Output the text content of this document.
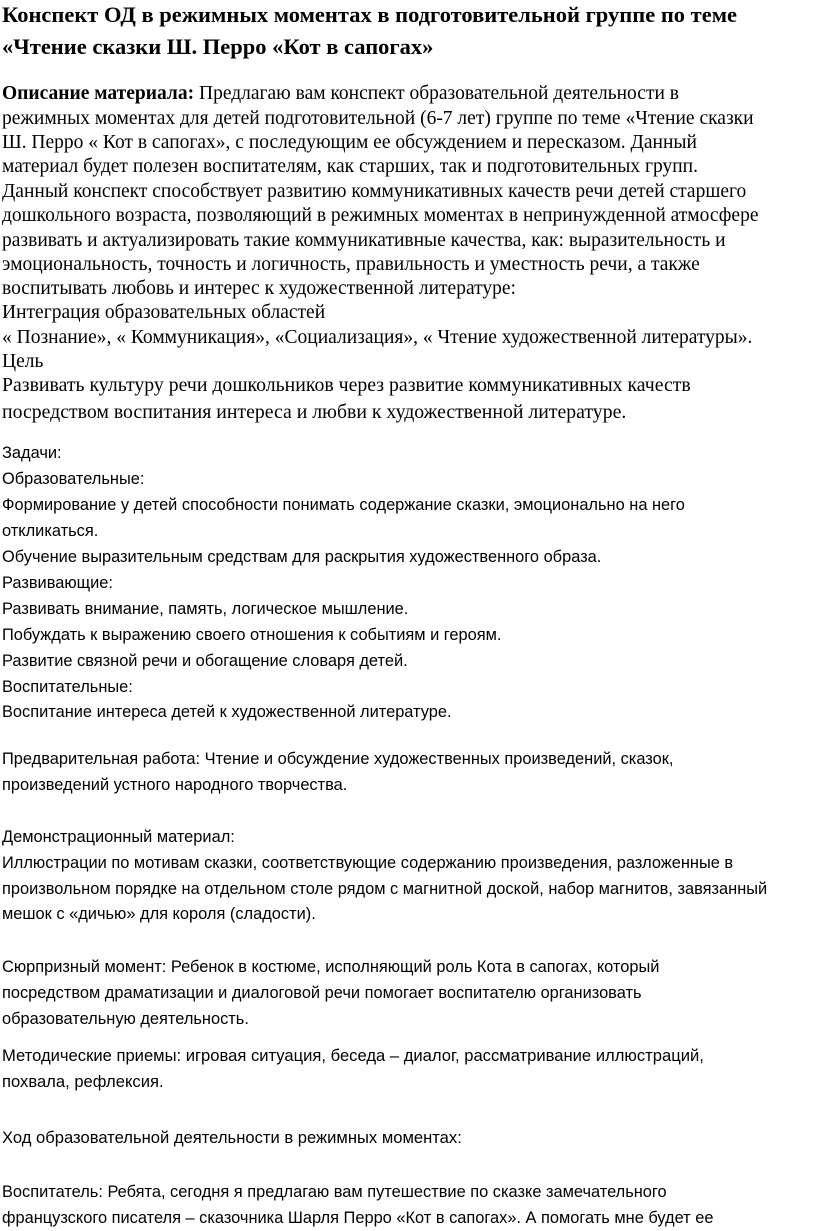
Конспект ОД в режимных моментах в подготовительной группе по теме

«Чтение сказки Ш. Перро «Кот в сапогах»

Описание материала: Предлагаю вам конспект образовательной деятельности в

режимных моментах для детей подготовительной (6-7 лет) группе по теме «Чтение сказки

Ш. Перро « Кот в сапогах», с последующим ее обсуждением и пересказом. Данный

материал будет полезен воспитателям, как старших, так и подготовительных групп.

Данный конспект способствует развитию коммуникативных качеств речи детей старшего

дошкольного возраста, позволяющий в режимных моментах в непринужденной атмосфере

развивать и актуализировать такие коммуникативные качества, как: выразительность и

эмоциональность, точность и логичность, правильность и уместность речи, а также

воспитывать любовь и интерес к художественной литературе:

Интеграция образовательных областей

« Познание», « Коммуникация», «Социализация», « Чтение художественной литературы».

Цель

Развивать культуру речи дошкольников через развитие коммуникативных качеств

посредством воспитания интереса и любви к художественной литературе.

Задачи:

Образовательные:

Формирование у детей способности понимать содержание сказки, эмоционально на него

откликаться.

Обучение выразительным средствам для раскрытия художественного образа.

Развивающие:

Развивать внимание, память, логическое мышление.

Побуждать к выражению своего отношения к событиям и героям.

Развитие связной речи и обогащение словаря детей.

Воспитательные:

Воспитание интереса детей к художественной литературе.

Предварительная работа: Чтение и обсуждение художественных произведений, сказок,

произведений устного народного творчества.

Демонстрационный материал:

Иллюстрации по мотивам сказки, соответствующие содержанию произведения, разложенные в

произвольном порядке на отдельном столе рядом с магнитной доской, набор магнитов, завязанный

мешок с «дичью» для короля (сладости).

Сюрпризный момент: Ребенок в костюме, исполняющий роль Кота в сапогах, который

посредством драматизации и диалоговой речи помогает воспитателю организовать

образовательную деятельность.

Методические приемы: игровая ситуация, беседа – диалог, рассматривание иллюстраций,

похвала, рефлексия.

Ход образовательной деятельности в режимных моментах:

Воспитатель: Ребята, сегодня я предлагаю вам путешествие по сказке замечательного

французского писателя – сказочника Шарля Перро «Кот в сапогах». А помогать мне будет ее
